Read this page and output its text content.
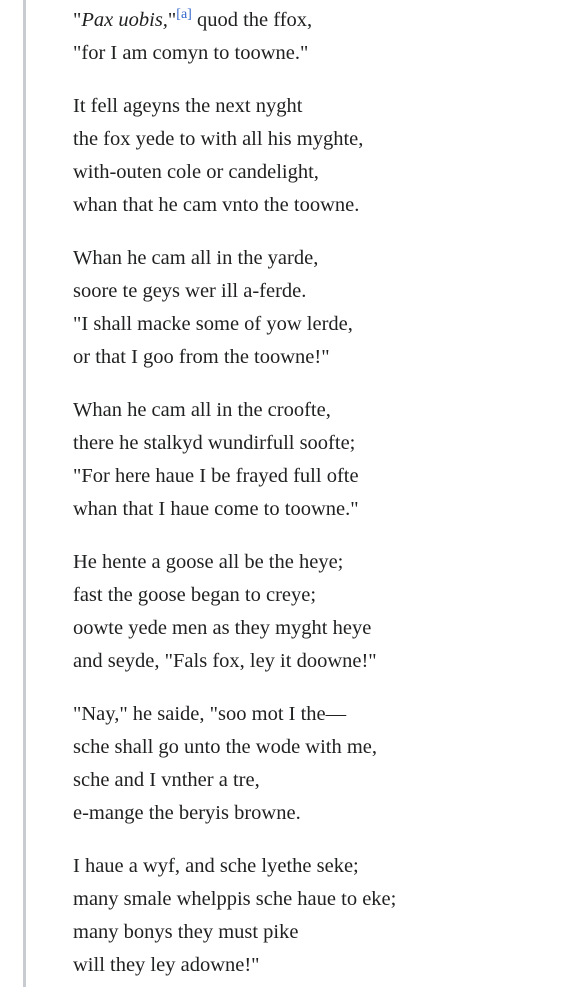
"Pax uobis,"[a] quod the ffox,
"for I am comyn to toowne."
It fell ageyns the next nyght
the fox yede to with all his myghte,
with-outen cole or candelight,
whan that he cam vnto the toowne.
Whan he cam all in the yarde,
soore te geys wer ill a-ferde.
"I shall macke some of yow lerde,
or that I goo from the toowne!"
Whan he cam all in the croofte,
there he stalkyd wundirfull soofte;
"For here haue I be frayed full ofte
whan that I haue come to toowne."
He hente a goose all be the heye;
fast the goose began to creye;
oowte yede men as they myght heye
and seyde, "Fals fox, ley it doowne!"
"Nay," he saide, "soo mot I the—
sche shall go unto the wode with me,
sche and I vnther a tre,
e-mange the beryis browne.
I haue a wyf, and sche lyethe seke;
many smale whelppis sche haue to eke;
many bonys they must pike
will they ley adowne!"
